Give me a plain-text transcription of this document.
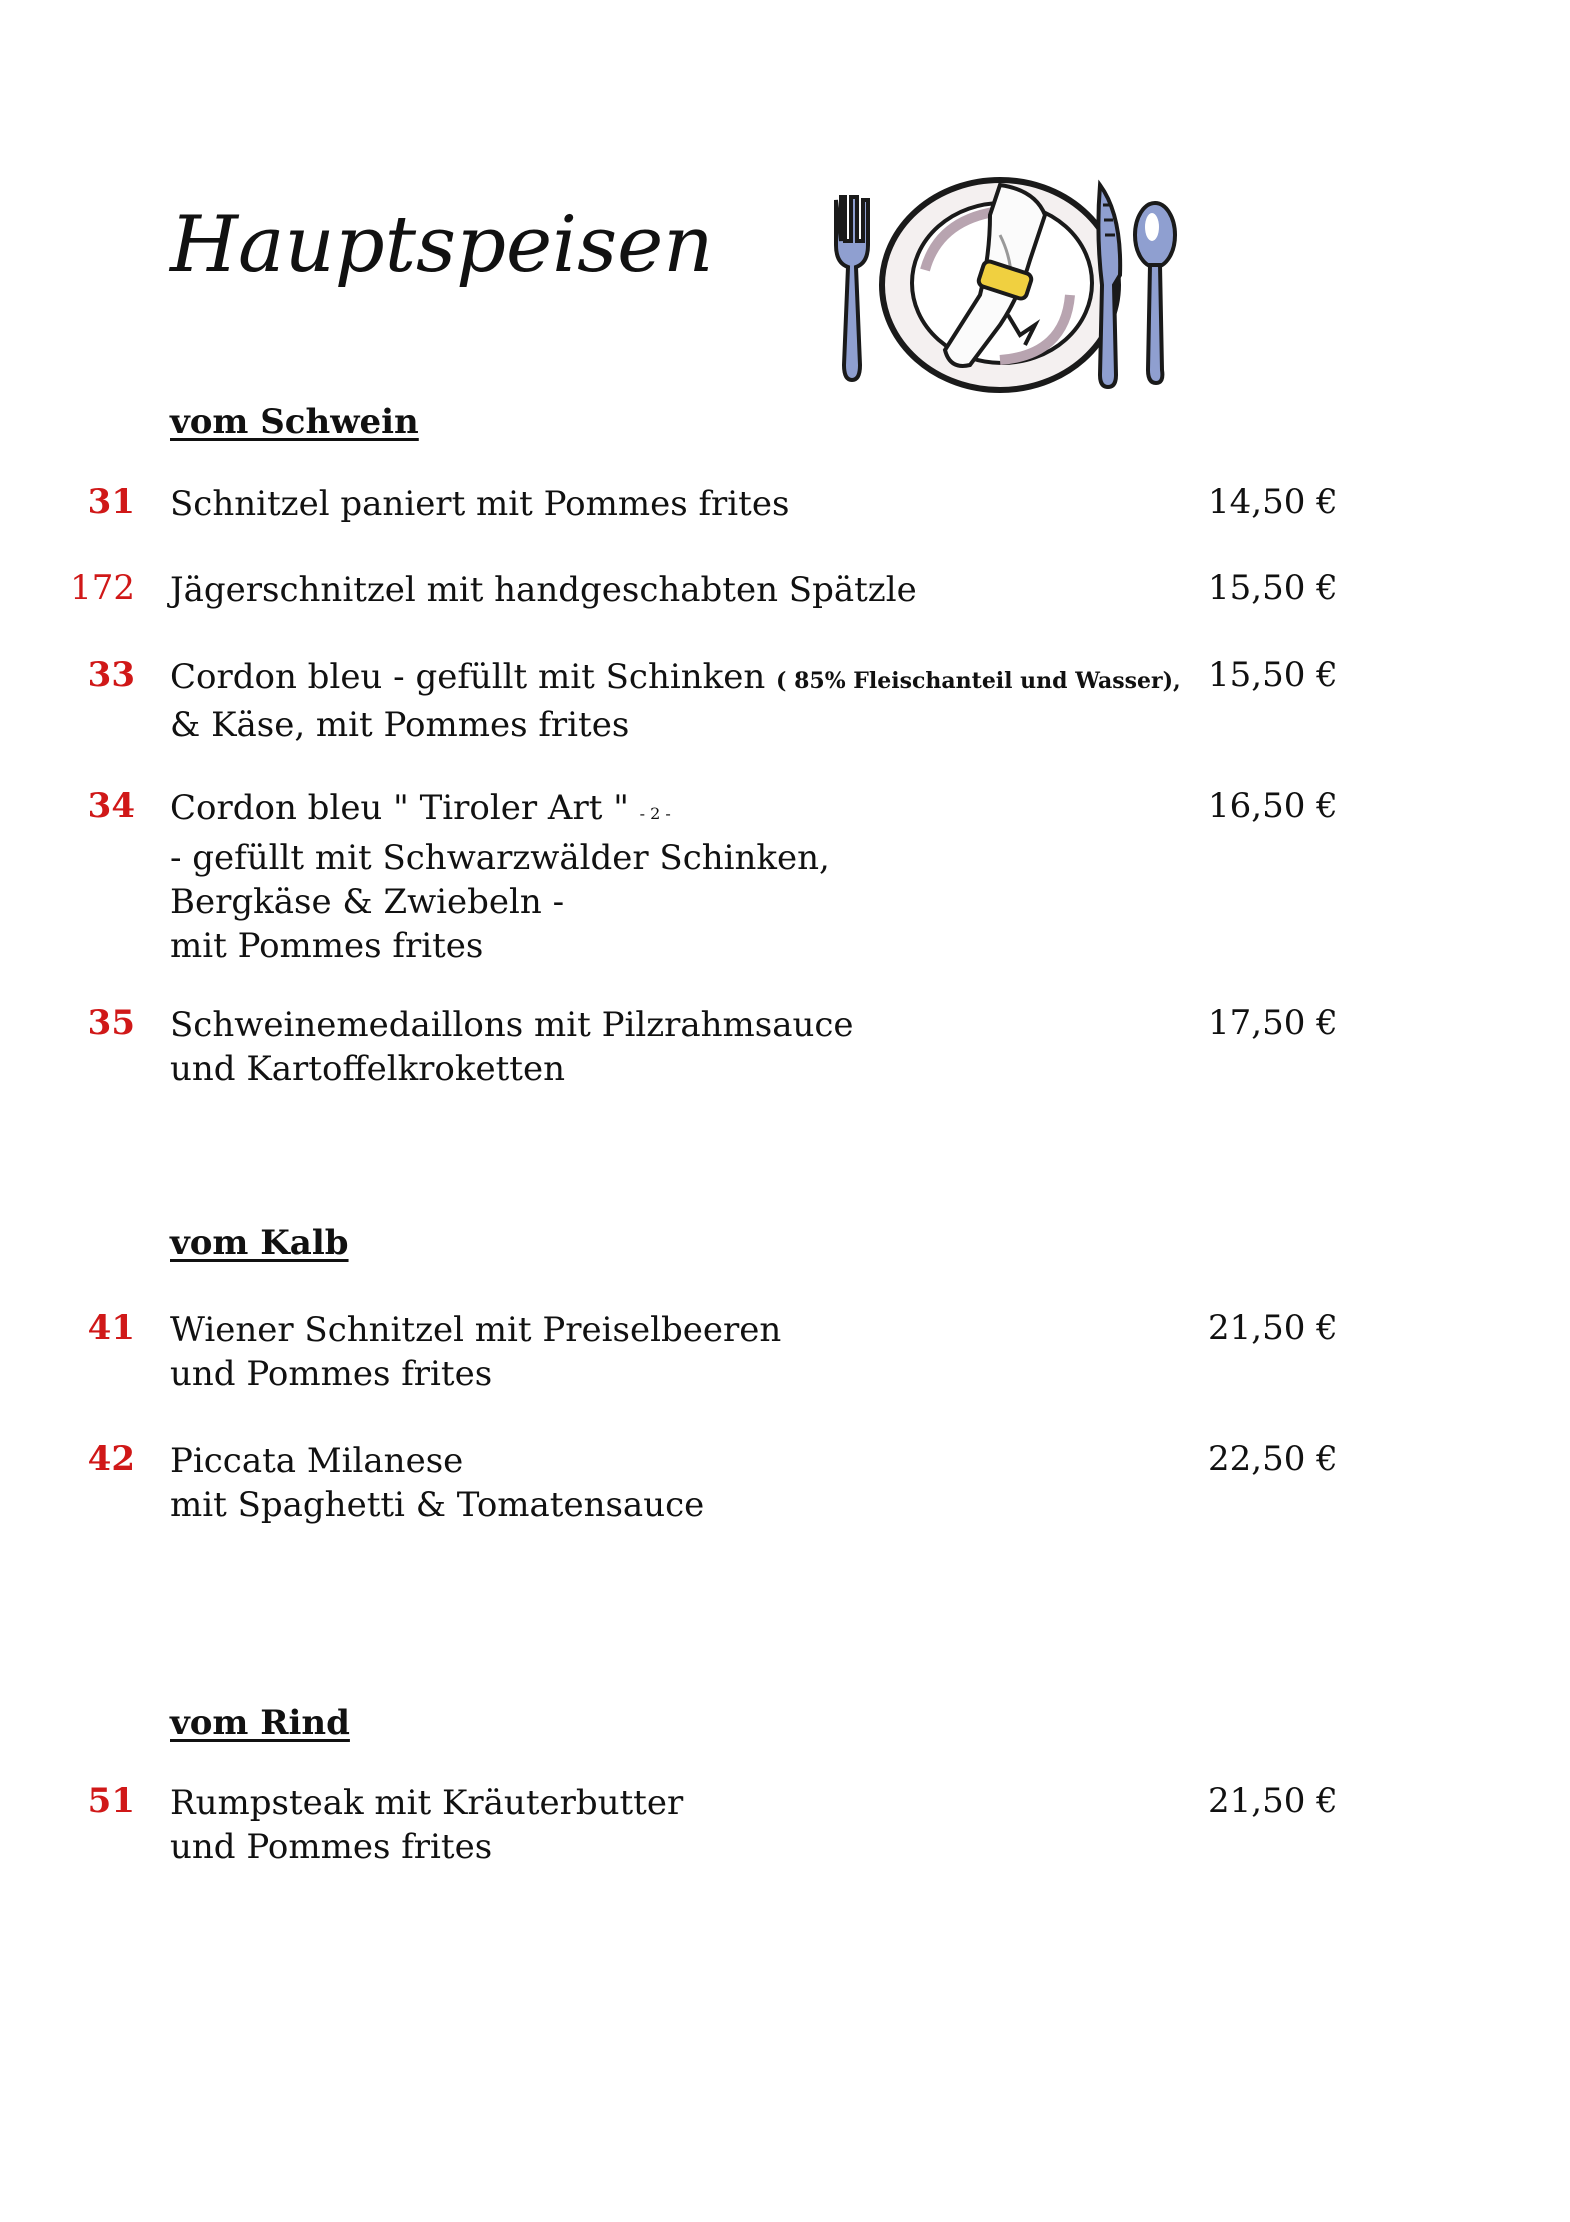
Hauptspeisen
vom Schwein
31 Schnitzel paniert mit Pommes frites	14,50 €
172 Jägerschnitzel mit handgeschabten Spätzle	15,50 €
33 Cordon bleu - gefüllt mit Schinken ( 85% Fleischanteil und Wasser),
& Käse, mit Pommes frites
15,50 €
34 Cordon bleu " Tiroler Art " - 2 -
- gefüllt mit Schwarzwälder Schinken,
Bergkäse & Zwiebeln -
mit Pommes frites
16,50 €
35 Schweinemedaillons mit Pilzrahmsauce
und Kartoffelkroketten
17,50 €
vom Kalb
41 Wiener Schnitzel mit Preiselbeeren
und Pommes frites
21,50 €
42 Piccata Milanese
mit Spaghetti & Tomatensauce
22,50 €
vom Rind
51 Rumpsteak mit Kräuterbutter
und Pommes frites
21,50 €
